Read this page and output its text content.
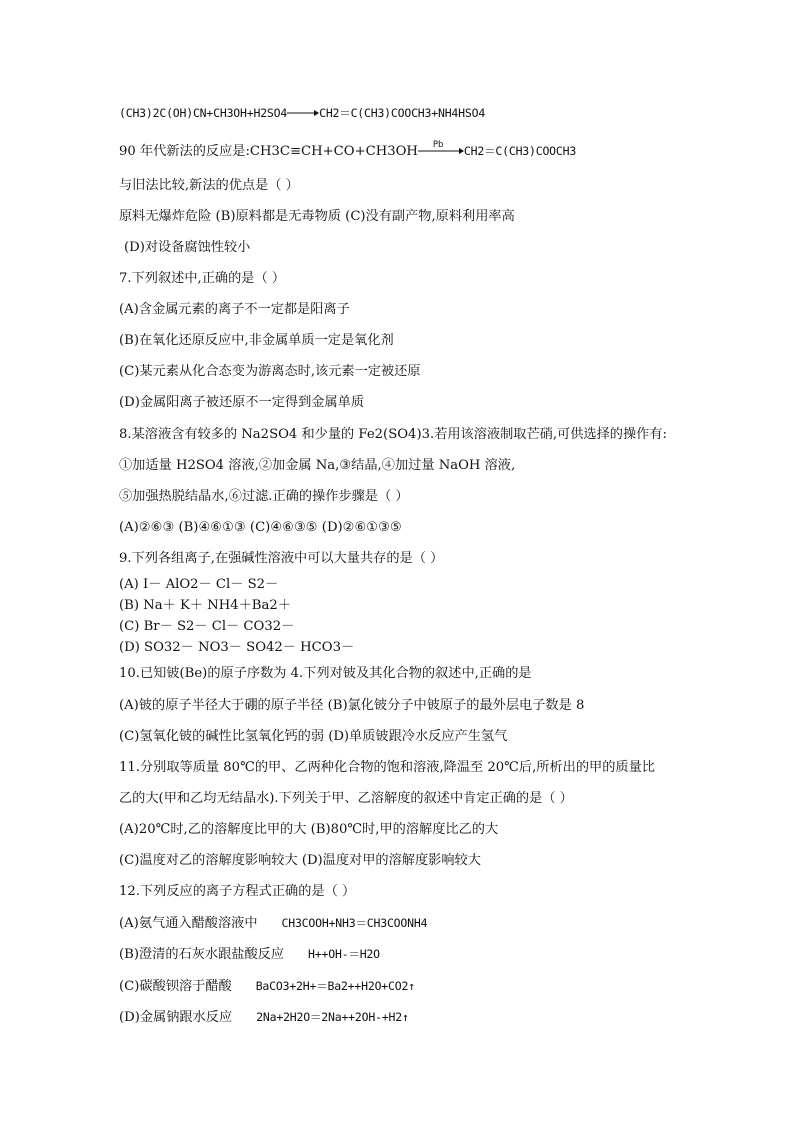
(CH3)2C(OH)CN+CH3OH+H2SO4→CH2＝C(CH3)COOCH3+NH4HSO4
90 年代新法的反应是:CH3C≡CH+CO+CH3OH Pb CH2＝C(CH3)COOCH3
与旧法比较,新法的优点是（ ）
原料无爆炸危险 (B)原料都是无毒物质 (C)没有副产物,原料利用率高
(D)对设备腐蚀性较小
7.下列叙述中,正确的是（ ）
(A)含金属元素的离子不一定都是阳离子
(B)在氧化还原反应中,非金属单质一定是氧化剂
(C)某元素从化合态变为游离态时,该元素一定被还原
(D)金属阳离子被还原不一定得到金属单质
8.某溶液含有较多的 Na2SO4 和少量的 Fe2(SO4)3.若用该溶液制取芒硝,可供选择的操作有:
①加适量 H2SO4 溶液,②加金属 Na,③结晶,④加过量 NaOH 溶液,
⑤加强热脱结晶水,⑥过滤.正确的操作步骤是（ ）
(A)②⑥③ (B)④⑥①③ (C)④⑥③⑤ (D)②⑥①③⑤
9.下列各组离子,在强碱性溶液中可以大量共存的是（ ）
(A) I－ AlO2－ Cl－ S2－
(B) Na＋ K＋ NH4＋Ba2＋
(C) Br－ S2－ Cl－ CO32－
(D) SO32－ NO3－ SO42－ HCO3－
10.已知铍(Be)的原子序数为 4.下列对铍及其化合物的叙述中,正确的是
(A)铍的原子半径大于硼的原子半径 (B)氯化铍分子中铍原子的最外层电子数是 8
(C)氢氧化铍的碱性比氢氧化钙的弱 (D)单质铍跟冷水反应产生氢气
11.分别取等质量 80℃的甲、乙两种化合物的饱和溶液,降温至 20℃后,所析出的甲的质量比
乙的大(甲和乙均无结晶水).下列关于甲、乙溶解度的叙述中肯定正确的是（ ）
(A)20℃时,乙的溶解度比甲的大 (B)80℃时,甲的溶解度比乙的大
(C)温度对乙的溶解度影响较大 (D)温度对甲的溶解度影响较大
12.下列反应的离子方程式正确的是（ ）
(A)氨气通入醋酸溶液中 CH3COOH+NH3＝CH3COONH4
(B)澄清的石灰水跟盐酸反应 H++OH-＝H2O
(C)碳酸钡溶于醋酸 BaCO3+2H+＝Ba2++H2O+CO2↑
(D)金属钠跟水反应 2Na+2H2O＝2Na++2OH-+H2↑
